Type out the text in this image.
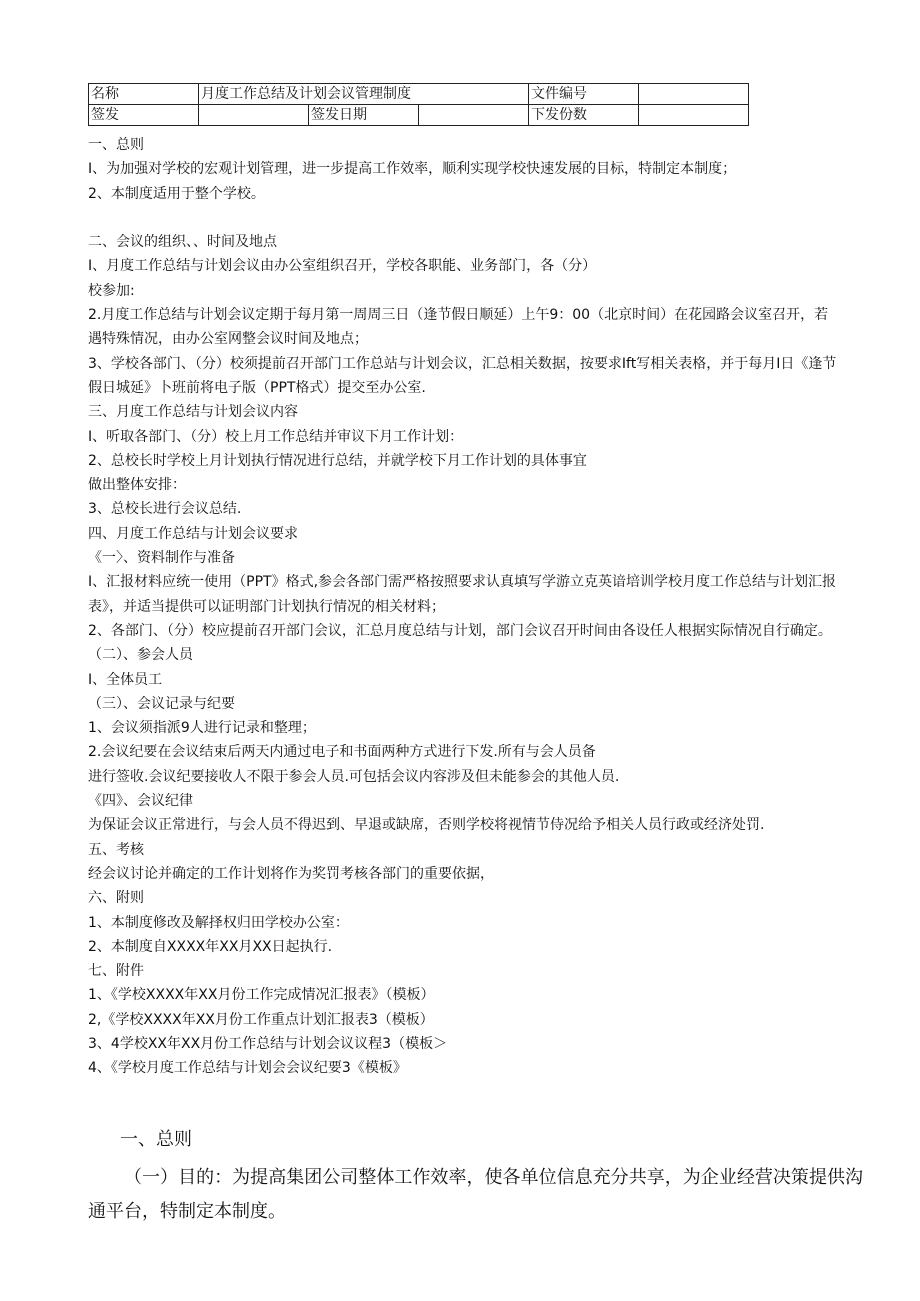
名称	月度工作总结及计划会议管理制度			文件编号	
签发		签发日期		下发份数	
一、总则
I、为加强对学校的宏观计划管理，进一步提高工作效率，顺利实现学校快速发展的目标，特制定本制度；
2、本制度适用于整个学校。
二、会议的组织、、时间及地点
I、月度工作总结与计划会议由办公室组织召开，学校各职能、业务部门，各（分）
校参加:
2.月度工作总结与计划会议定期于每月第一周周三日（逢节假日顺延）上午9：00（北京时间）在花园路会议室召开，若遇特殊情况，由办公室网整会议时间及地点；
3、学校各部门、（分）校须提前召开部门工作总站与计划会议，汇总相关数据，按要求Ift写相关表格，并于每月I日《逢节假日城延》卜班前将电子版（PPT格式）提交至办公室.
三、月度工作总结与计划会议内容
I、听取各部门、（分）校上月工作总结并审议下月工作计划：
2、总校长时学校上月计划执行情况进行总结，并就学校下月工作计划的具体事宜
做出整体安排：
3、总校长进行会议总结.
四、月度工作总结与计划会议要求
《一〉、资料制作与准备
I、汇报材料应统一使用（PPT》格式,参会各部门需严格按照要求认真填写学游立克英谙培训学校月度工作总结与计划汇报表》，并适当提供可以证明部门计划执行情况的相关材料；
2、各部门、（分）校应提前召开部门会议，汇总月度总结与计划，部门会议召开时间由各设任人根据实际情况自行确定。
（二）、参会人员
I、全体员工
（三）、会议记录与纪要
1、会议须指派9人进行记录和整理；
2.会议纪要在会议结束后两天内通过电子和书面两种方式进行下发.所有与会人员备
进行签收.会议纪要接收人不限于参会人员.可包括会议内容涉及但未能参会的其他人员.
《四》、会议纪律
为保证会议正常进行，与会人员不得迟到、早退或缺席，否则学校将视情节侍况给予相关人员行政或经济处罚.
五、考核
经会议讨论并确定的工作计划将作为奖罚考核各部门的重要依据，
六、附则
1、本制度修改及解择权归田学校办公室：
2、本制度自XXXX年XX月XX日起执行.
七、附件
1、《学校XXXX年XX月份工作完成情况汇报表》（模板）
2,《学校XXXX年XX月份工作重点计划汇报表3（模板）
3、4学校XX年XX月份工作总结与计划会议议程3（模板＞
4、《学校月度工作总结与计划会会议纪要3《模板》
一、总则
（一）目的：为提高集团公司整体工作效率，使各单位信息充分共享，为企业经营决策提供沟通平台，特制定本制度。
